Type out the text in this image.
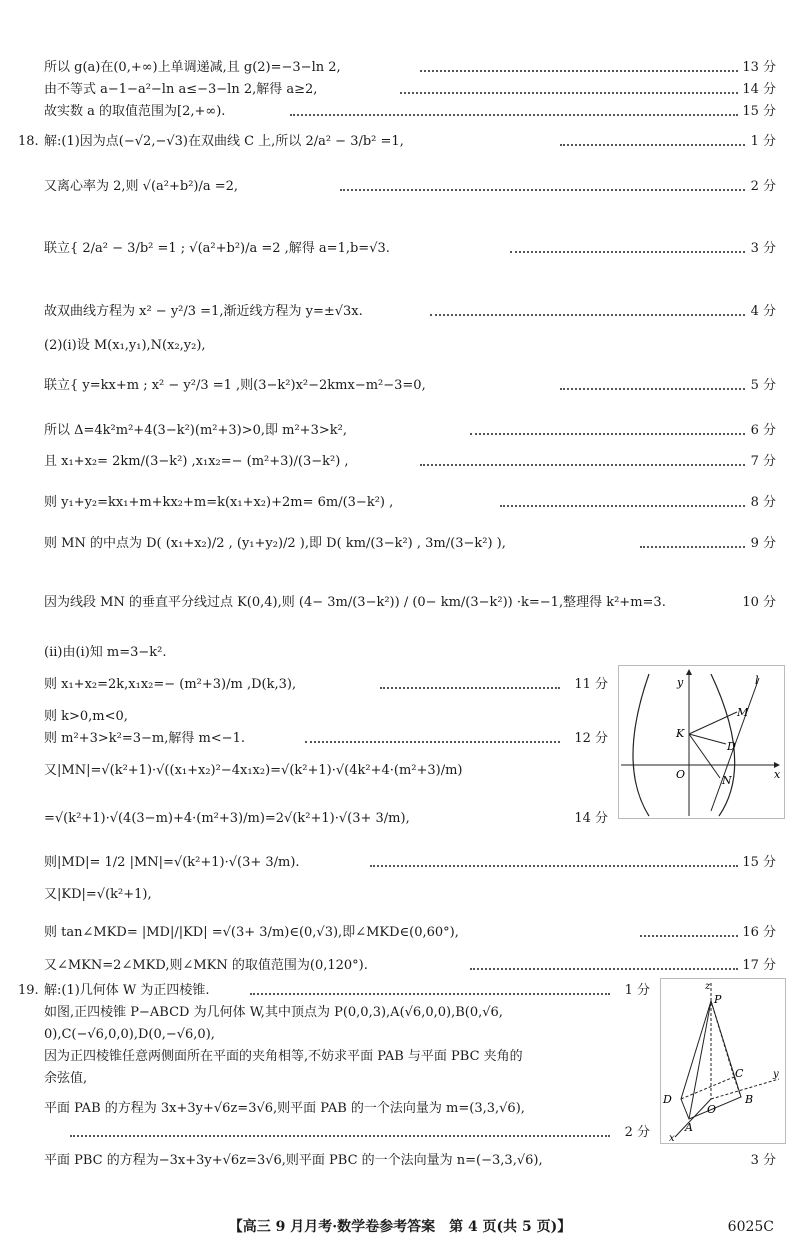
所以 g(a)在(0,+∞)上单调递减,且 g(2)=−3−ln 2,	13 分
由不等式 a−1−a²−ln a≤−3−ln 2,解得 a≥2,	14 分
故实数 a 的取值范围为[2,+∞).	15 分
18. 解:(1)因为点(−√2,−√3)在双曲线 C 上,所以 2/a² − 3/b² =1,	1 分
又离心率为 2,则 √(a²+b²)/a =2,	2 分
联立{ 2/a² − 3/b² =1 ; √(a²+b²)/a =2 ,解得 a=1,b=√3.	3 分
故双曲线方程为 x² − y²/3 =1,渐近线方程为 y=±√3x.	4 分
(2)(i)设 M(x₁,y₁),N(x₂,y₂),
联立{ y=kx+m ; x² − y²/3 =1 ,则(3−k²)x²−2kmx−m²−3=0,	5 分
所以 Δ=4k²m²+4(3−k²)(m²+3)>0,即 m²+3>k²,	6 分
且 x₁+x₂= 2km/(3−k²) ,x₁x₂=− (m²+3)/(3−k²) ,	7 分
则 y₁+y₂=kx₁+m+kx₂+m=k(x₁+x₂)+2m= 6m/(3−k²) ,	8 分
则 MN 的中点为 D( (x₁+x₂)/2 , (y₁+y₂)/2 ),即 D( km/(3−k²) , 3m/(3−k²) ),	9 分
因为线段 MN 的垂直平分线过点 K(0,4),则 (4− 3m/(3−k²)) / (0− km/(3−k²)) ·k=−1,整理得 k²+m=3.	10 分
(ii)由(i)知 m=3−k².
则 x₁+x₂=2k,x₁x₂=− (m²+3)/m ,D(k,3),	11 分
则 k>0,m<0,
则 m²+3>k²=3−m,解得 m<−1.	12 分
又|MN|=√(k²+1)·√((x₁+x₂)²−4x₁x₂)=√(k²+1)·√(4k²+4·(m²+3)/m)
=√(k²+1)·√(4(3−m)+4·(m²+3)/m)=2√(k²+1)·√(3+ 3/m),	14 分
则|MD|= 1/2 |MN|=√(k²+1)·√(3+ 3/m).	15 分
又|KD|=√(k²+1),
则 tan∠MKD= |MD|/|KD| =√(3+ 3/m)∈(0,√3),即∠MKD∈(0,60°),	16 分
又∠MKN=2∠MKD,则∠MKN 的取值范围为(0,120°).	17 分
19. 解:(1)几何体 W 为正四棱锥.	1 分
如图,正四棱锥 P−ABCD 为几何体 W,其中顶点为 P(0,0,3),A(√6,0,0),B(0,√6,
0),C(−√6,0,0),D(0,−√6,0),
因为正四棱锥任意两侧面所在平面的夹角相等,不妨求平面 PAB 与平面 PBC 夹角的
余弦值,
平面 PAB 的方程为 3x+3y+√6z=3√6,则平面 PAB 的一个法向量为 m=(3,3,√6),
2 分
平面 PBC 的方程为−3x+3y+√6z=3√6,则平面 PBC 的一个法向量为 n=(−3,3,√6),	3 分
y
x
O
K
l
M
D
N
z
P
C
D
O
B
A
x
y
【高三 9 月月考·数学卷参考答案　第 4 页(共 5 页)】	6025C
